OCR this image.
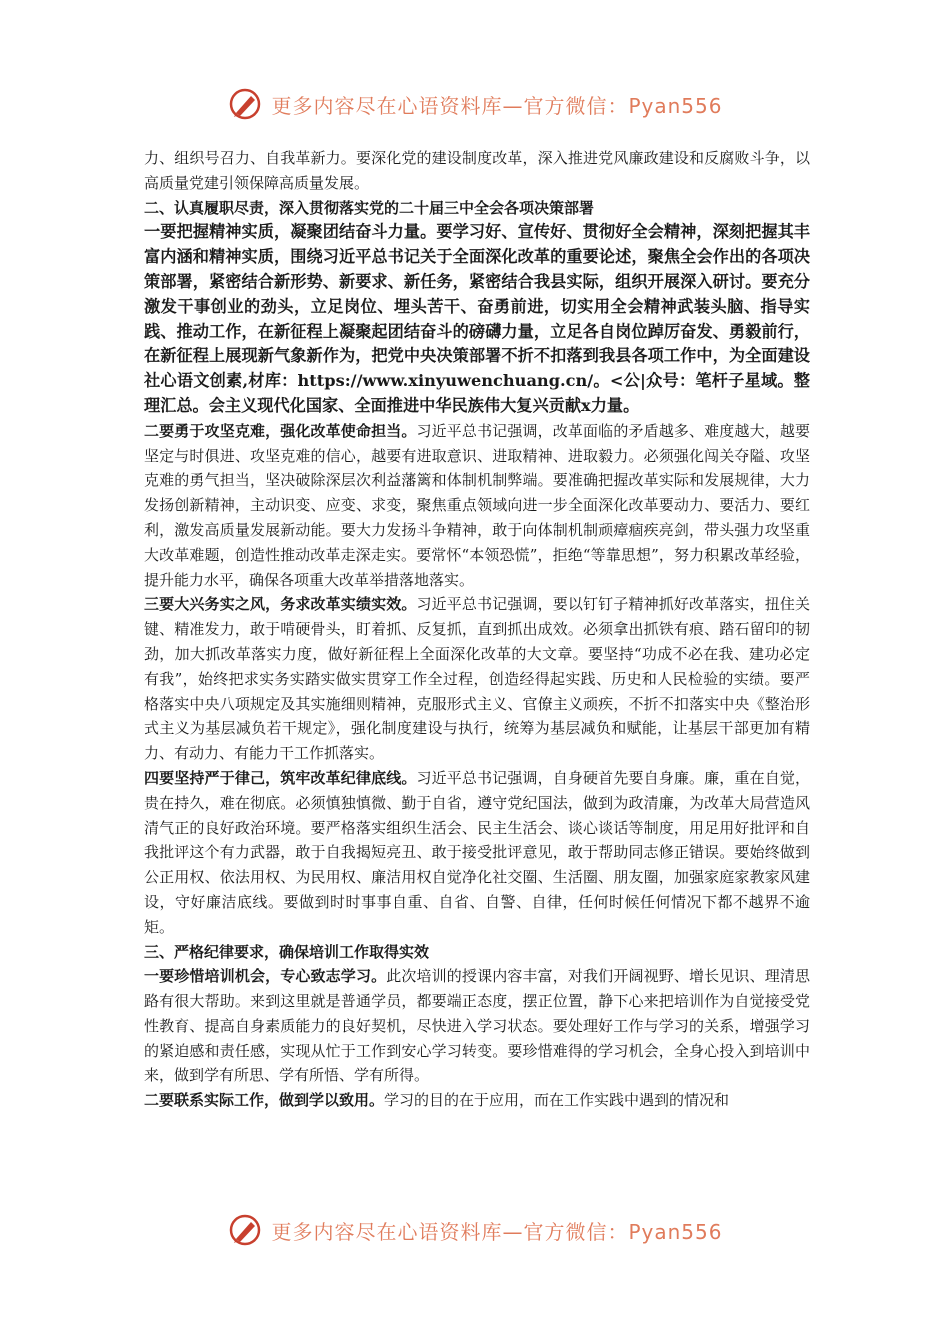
更多内容尽在心语资料库—官方微信：Pyan556

力、组织号召力、自我革新力。要深化党的建设制度改革，深入推进党风廉政建设和反腐败斗争，以高质量党建引领保障高质量发展。

二、认真履职尽责，深入贯彻落实党的二十届三中全会各项决策部署

一要把握精神实质，凝聚团结奋斗力量。要学习好、宣传好、贯彻好全会精神，深刻把握其丰富内涵和精神实质，围绕习近平总书记关于全面深化改革的重要论述，聚焦全会作出的各项决策部署，紧密结合新形势、新要求、新任务，紧密结合我县实际，组织开展深入研讨。要充分激发干事创业的劲头，立足岗位、埋头苦干、奋勇前进，切实用全会精神武装头脑、指导实践、推动工作，在新征程上凝聚起团结奋斗的磅礴力量，立足各自岗位踔厉奋发、勇毅前行，在新征程上展现新气象新作为，把党中央决策部署不折不扣落到我县各项工作中，为全面建设社心语文创素,材库：https://www.xinyuwenchuang.cn/。<公|众号：笔杆子星域。整理汇总。会主义现代化国家、全面推进中华民族伟大复兴贡献x力量。

二要勇于攻坚克难，强化改革使命担当。习近平总书记强调，改革面临的矛盾越多、难度越大，越要坚定与时俱进、攻坚克难的信心，越要有进取意识、进取精神、进取毅力。必须强化闯关夺隘、攻坚克难的勇气担当，坚决破除深层次利益藩篱和体制机制弊端。要准确把握改革实际和发展规律，大力发扬创新精神，主动识变、应变、求变，聚焦重点领域向进一步全面深化改革要动力、要活力、要红利，激发高质量发展新动能。要大力发扬斗争精神，敢于向体制机制顽瘴痼疾亮剑，带头强力攻坚重大改革难题，创造性推动改革走深走实。要常怀“本领恐慌”，拒绝“等靠思想”，努力积累改革经验，提升能力水平，确保各项重大改革举措落地落实。

三要大兴务实之风，务求改革实绩实效。习近平总书记强调，要以钉钉子精神抓好改革落实，扭住关键、精准发力，敢于啃硬骨头，盯着抓、反复抓，直到抓出成效。必须拿出抓铁有痕、踏石留印的韧劲，加大抓改革落实力度，做好新征程上全面深化改革的大文章。要坚持“功成不必在我、建功必定有我”，始终把求实务实踏实做实贯穿工作全过程，创造经得起实践、历史和人民检验的实绩。要严格落实中央八项规定及其实施细则精神，克服形式主义、官僚主义顽疾，不折不扣落实中央《整治形式主义为基层减负若干规定》，强化制度建设与执行，统筹为基层减负和赋能，让基层干部更加有精力、有动力、有能力干工作抓落实。

四要坚持严于律己，筑牢改革纪律底线。习近平总书记强调，自身硬首先要自身廉。廉，重在自觉，贵在持久，难在彻底。必须慎独慎微、勤于自省，遵守党纪国法，做到为政清廉，为改革大局营造风清气正的良好政治环境。要严格落实组织生活会、民主生活会、谈心谈话等制度，用足用好批评和自我批评这个有力武器，敢于自我揭短亮丑、敢于接受批评意见，敢于帮助同志修正错误。要始终做到公正用权、依法用权、为民用权、廉洁用权自觉净化社交圈、生活圈、朋友圈，加强家庭家教家风建设，守好廉洁底线。要做到时时事事自重、自省、自警、自律，任何时候任何情况下都不越界不逾矩。

三、严格纪律要求，确保培训工作取得实效

一要珍惜培训机会，专心致志学习。此次培训的授课内容丰富，对我们开阔视野、增长见识、理清思路有很大帮助。来到这里就是普通学员，都要端正态度，摆正位置，静下心来把培训作为自觉接受党性教育、提高自身素质能力的良好契机，尽快进入学习状态。要处理好工作与学习的关系，增强学习的紧迫感和责任感，实现从忙于工作到安心学习转变。要珍惜难得的学习机会，全身心投入到培训中来，做到学有所思、学有所悟、学有所得。

二要联系实际工作，做到学以致用。学习的目的在于应用，而在工作实践中遇到的情况和

更多内容尽在心语资料库—官方微信：Pyan556
